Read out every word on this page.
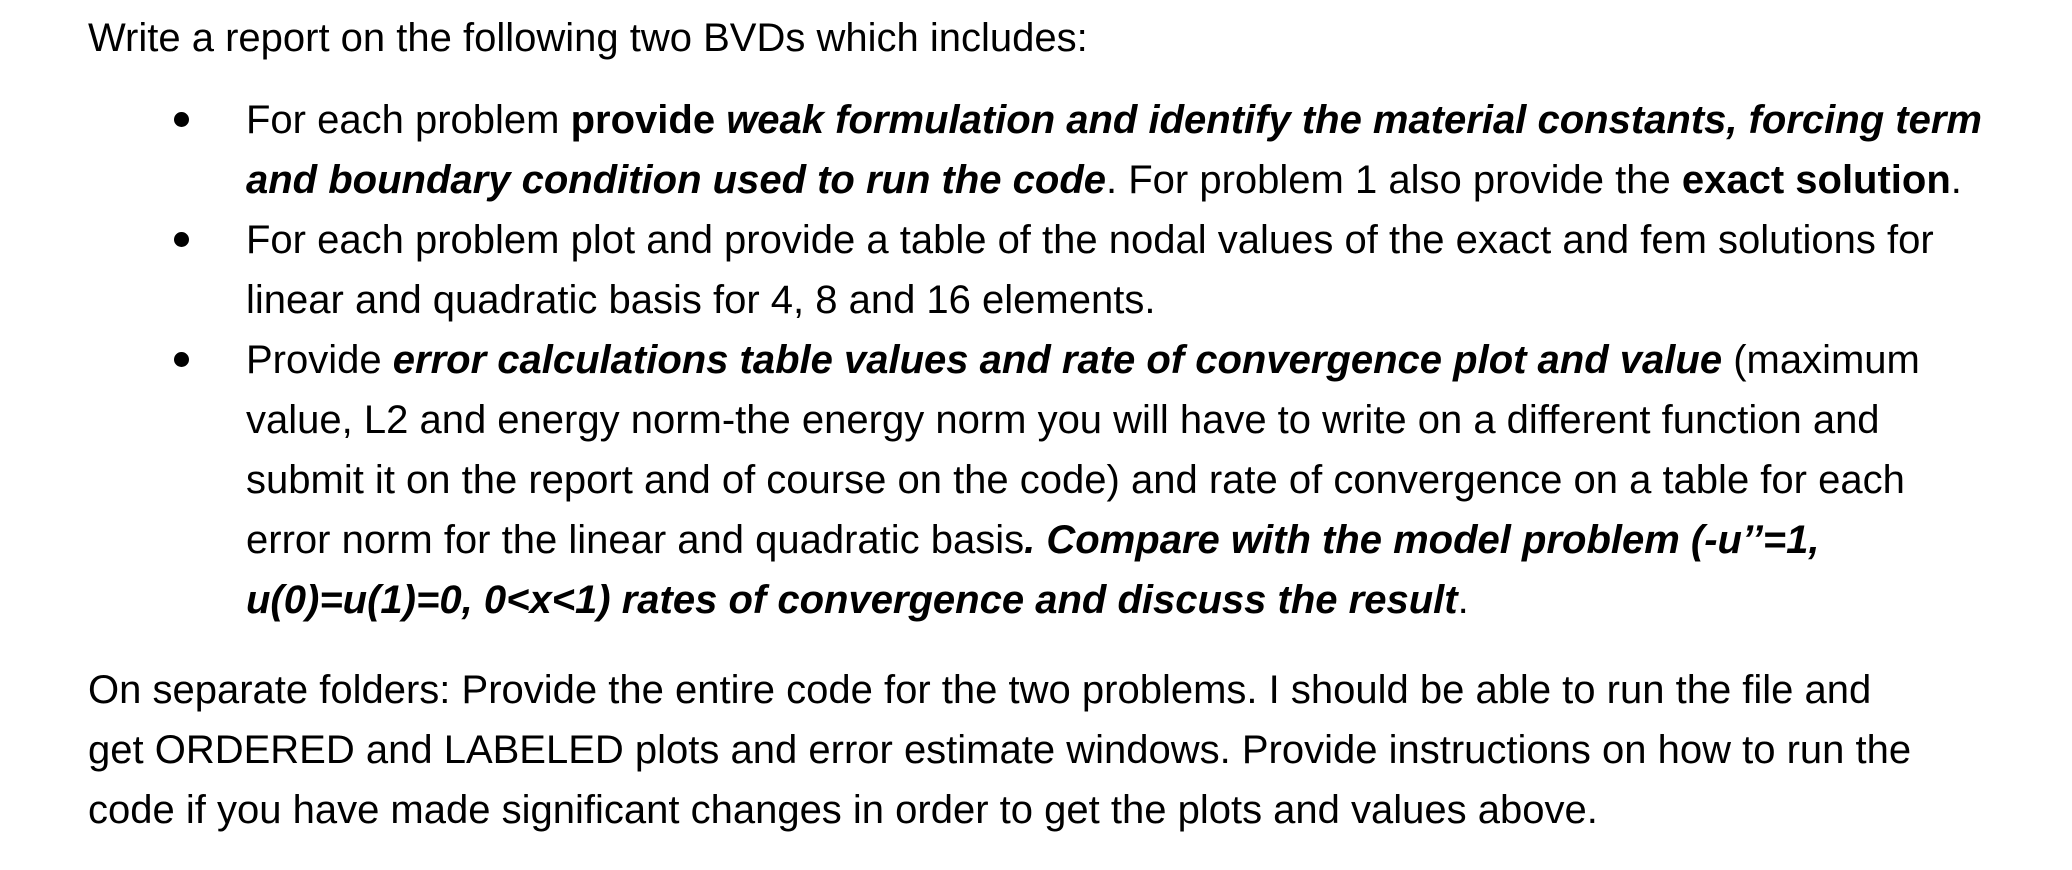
Write a report on the following two BVDs which includes:
For each problem provide weak formulation and identify the material constants, forcing term
and boundary condition used to run the code. For problem 1 also provide the exact solution.
For each problem plot and provide a table of the nodal values of the exact and fem solutions for
linear and quadratic basis for 4, 8 and 16 elements.
Provide error calculations table values and rate of convergence plot and value (maximum
value, L2 and energy norm-the energy norm you will have to write on a different function and
submit it on the report and of course on the code) and rate of convergence on a table for each
error norm for the linear and quadratic basis. Compare with the model problem (-u’’=1,
u(0)=u(1)=0, 0<x<1) rates of convergence and discuss the result.
On separate folders: Provide the entire code for the two problems. I should be able to run the file and
get ORDERED and LABELED plots and error estimate windows. Provide instructions on how to run the
code if you have made significant changes in order to get the plots and values above.
